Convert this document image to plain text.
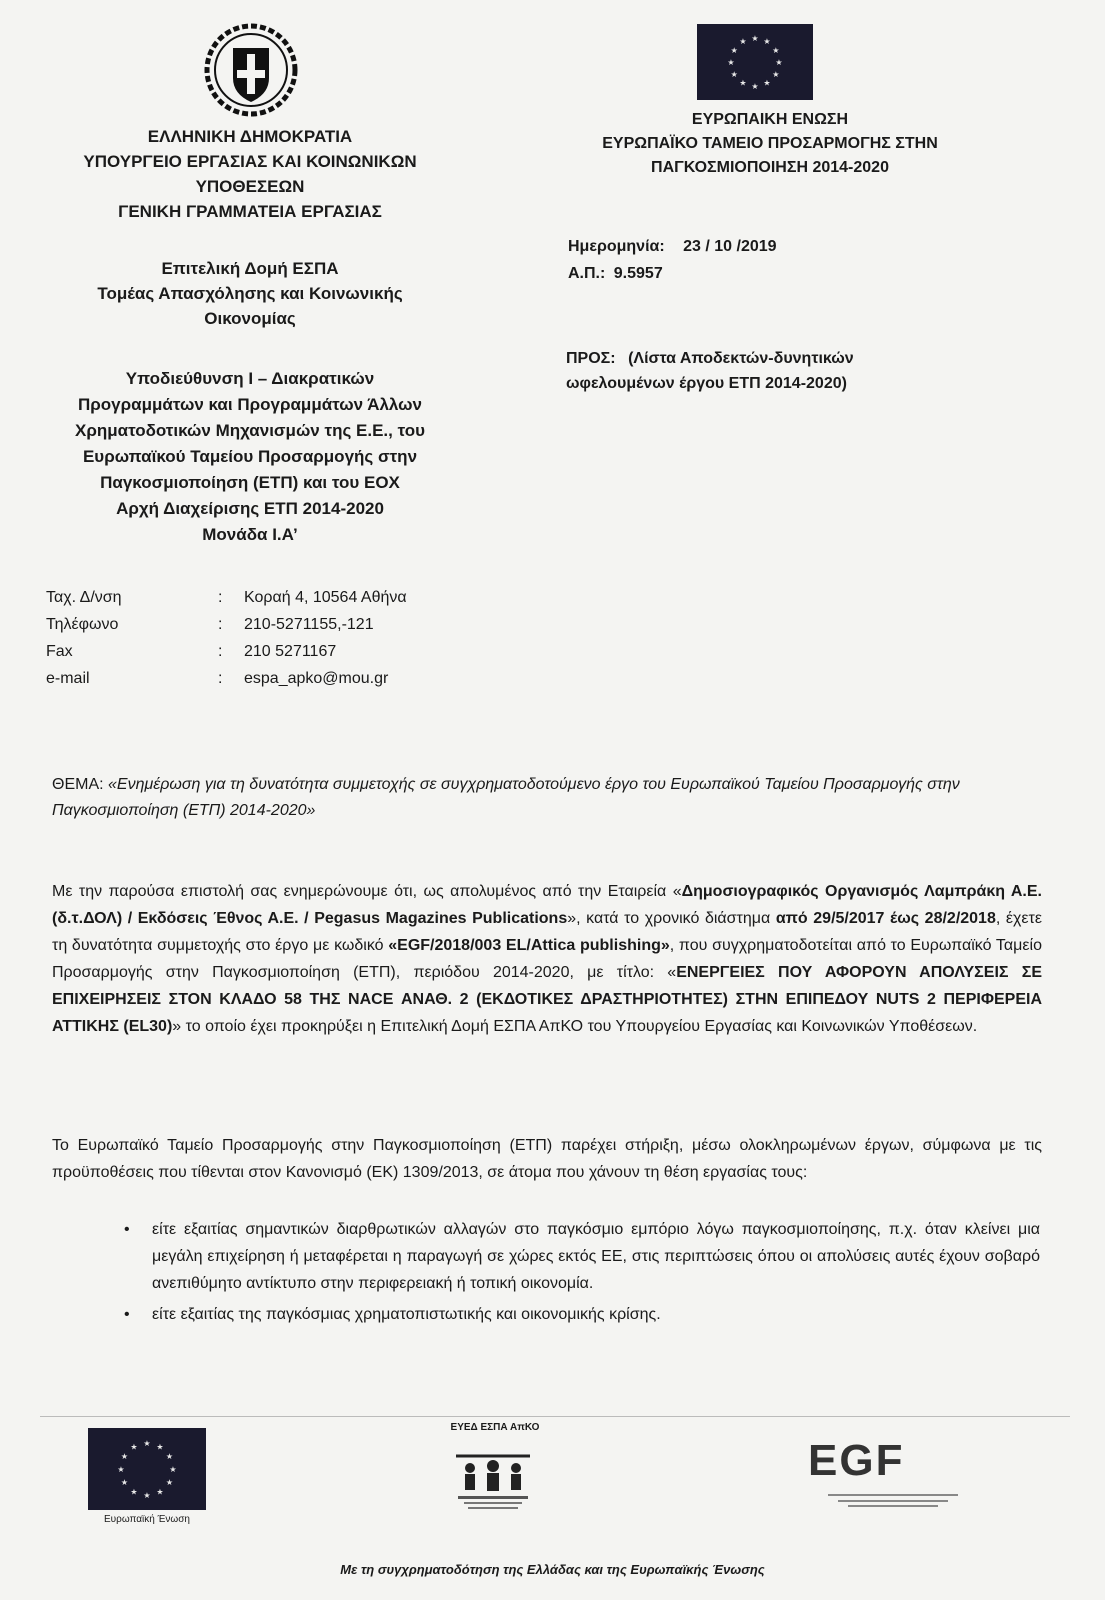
★ ★
★
★
★
★
★
★
★
★
★
★
ΕΛΛΗΝΙΚΗ ΔΗΜΟΚΡΑΤΙΑ
ΥΠΟΥΡΓΕΙΟ ΕΡΓΑΣΙΑΣ ΚΑΙ ΚΟΙΝΩΝΙΚΩΝ
ΥΠΟΘΕΣΕΩΝ
ΓΕΝΙΚΗ ΓΡΑΜΜΑΤΕΙΑ ΕΡΓΑΣΙΑΣ
Επιτελική Δομή ΕΣΠΑ
Τομέας Απασχόλησης και Κοινωνικής
Οικονομίας
Υποδιεύθυνση Ι – Διακρατικών
Προγραμμάτων και Προγραμμάτων Άλλων
Χρηματοδοτικών Μηχανισμών της Ε.Ε., του
Ευρωπαϊκού Ταμείου Προσαρμογής στην
Παγκοσμιοποίηση (ΕΤΠ) και του ΕΟΧ
Αρχή Διαχείρισης ΕΤΠ 2014-2020
Μονάδα Ι.Α’
ΕΥΡΩΠΑΙΚΗ ΕΝΩΣΗ
ΕΥΡΩΠΑΪΚΟ ΤΑΜΕΙΟ ΠΡΟΣΑΡΜΟΓΗΣ ΣΤΗΝ
ΠΑΓΚΟΣΜΙΟΠΟΙΗΣΗ 2014-2020
Ημερομηνία: 23 / 10 /2019
Α.Π.: 9.5957
ΠΡΟΣ: (Λίστα Αποδεκτών-δυνητικών
ωφελουμένων έργου ΕΤΠ 2014-2020)
Ταχ. Δ/νση	: Κοραή 4, 10564 Αθήνα
Τηλέφωνο	: 210-5271155,-121
Fax	: 210 5271167
e-mail	: espa_apko@mou.gr
ΘΕΜΑ: «Ενημέρωση για τη δυνατότητα συμμετοχής σε συγχρηματοδοτούμενο έργο του Ευρωπαϊκού Ταμείου Προσαρμογής στην Παγκοσμιοποίηση (ΕΤΠ) 2014-2020»
Με την παρούσα επιστολή σας ενημερώνουμε ότι, ως απολυμένος από την Εταιρεία «Δημοσιογραφικός Οργανισμός Λαμπράκη Α.Ε. (δ.τ.ΔΟΛ) / Εκδόσεις Έθνος Α.Ε. / Pegasus Magazines Publications», κατά το χρονικό διάστημα από 29/5/2017 έως 28/2/2018, έχετε τη δυνατότητα συμμετοχής στο έργο με κωδικό «EGF/2018/003 EL/Attica publishing», που συγχρηματοδοτείται από το Ευρωπαϊκό Ταμείο Προσαρμογής στην Παγκοσμιοποίηση (ΕΤΠ), περιόδου 2014-2020, με τίτλο: «ΕΝΕΡΓΕΙΕΣ ΠΟΥ ΑΦΟΡΟΥΝ ΑΠΟΛΥΣΕΙΣ ΣΕ ΕΠΙΧΕΙΡΗΣΕΙΣ ΣΤΟΝ ΚΛΑΔΟ 58 ΤΗΣ NACE ΑΝΑΘ. 2 (ΕΚΔΟΤΙΚΕΣ ΔΡΑΣΤΗΡΙΟΤΗΤΕΣ) ΣΤΗΝ ΕΠΙΠΕΔΟΥ NUTS 2 ΠΕΡΙΦΕΡΕΙΑ ΑΤΤΙΚΗΣ (EL30)» το οποίο έχει προκηρύξει η Επιτελική Δομή ΕΣΠΑ ΑπΚΟ του Υπουργείου Εργασίας και Κοινωνικών Υποθέσεων.
Το Ευρωπαϊκό Ταμείο Προσαρμογής στην Παγκοσμιοποίηση (ΕΤΠ) παρέχει στήριξη, μέσω ολοκληρωμένων έργων, σύμφωνα με τις προϋποθέσεις που τίθενται στον Κανονισμό (ΕΚ) 1309/2013, σε άτομα που χάνουν τη θέση εργασίας τους:
• είτε εξαιτίας σημαντικών διαρθρωτικών αλλαγών στο παγκόσμιο εμπόριο λόγω παγκοσμιοποίησης, π.χ. όταν κλείνει μια μεγάλη επιχείρηση ή μεταφέρεται η παραγωγή σε χώρες εκτός ΕΕ, στις περιπτώσεις όπου οι απολύσεις αυτές έχουν σοβαρό ανεπιθύμητο αντίκτυπο στην περιφερειακή ή τοπική οικονομία.
• είτε εξαιτίας της παγκόσμιας χρηματοπιστωτικής και οικονομικής κρίσης.
★ ★
★
★
★
★
★
★
★
★
★
★
Ευρωπαϊκή Ένωση
ΕΥΕΔ ΕΣΠΑ ΑπΚΟ
EGF
Με τη συγχρηματοδότηση της Ελλάδας και της Ευρωπαϊκής Ένωσης
